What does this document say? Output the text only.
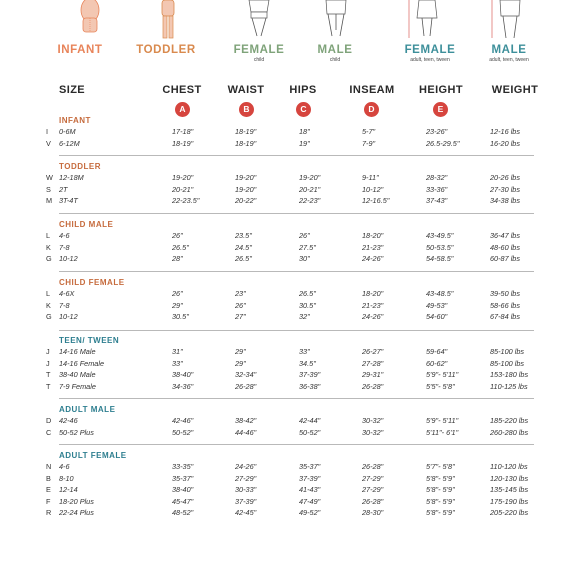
INFANT	TODDLER	FEMALE
child
MALE
child
FEMALE
adult, teen, tween
MALE
adult, teen, tween
SIZE	CHEST	WAIST	HIPS	INSEAM	HEIGHT	WEIGHT
A	B	C	D	E
INFANT
I 0-6M	17-18"	18-19"	18"	5-7"	23-26"	12-16 lbs
V 6-12M	18-19"	18-19"	19"	7-9"	26.5-29.5"	16-20 lbs
TODDLER
W 12-18M	19-20"	19-20"	19-20"	9-11"	28-32"	20-26 lbs
S 2T	20-21"	19-20"	20-21"	10-12"	33-36"	27-30 lbs
M 3T-4T	22-23.5"	20-22"	22-23"	12-16.5"	37-43"	34-38 lbs
CHILD MALE
L 4-6	26"	23.5"	26"	18-20"	43-49.5"	36-47 lbs
K 7-8	26.5"	24.5"	27.5"	21-23"	50-53.5"	48-60 lbs
G 10-12	28"	26.5"	30"	24-26"	54-58.5"	60-87 lbs
CHILD FEMALE
L 4-6X	26"	23"	26.5"	18-20"	43-48.5"	39-50 lbs
K 7-8	29"	26"	30.5"	21-23"	49-53"	58-66 lbs
G 10-12	30.5"	27"	32"	24-26"	54-60"	67-84 lbs
TEEN/ TWEEN
J 14-16 Male	31"	29"	33"	26-27"	59-64"	85-100 lbs
J 14-16 Female	33"	29"	34.5"	27-28"	60-62"	85-100 lbs
T 38-40 Male	38-40"	32-34"	37-39"	29-31"	5'9"- 5'11"	153-180 lbs
T 7-9 Female	34-36"	26-28"	36-38"	26-28"	5'5"- 5'8"	110-125 lbs
ADULT MALE
D 42-46	42-46"	38-42"	42-44"	30-32"	5'9"- 5'11"	185-220 lbs
C 50-52 Plus	50-52"	44-46"	50-52"	30-32"	5'11"- 6'1"	260-280 lbs
ADULT FEMALE
N 4-6	33-35"	24-26"	35-37"	26-28"	5'7"- 5'8"	110-120 lbs
B 8-10	35-37"	27-29"	37-39"	27-29"	5'8"- 5'9"	120-130 lbs
E 12-14	38-40"	30-33"	41-43"	27-29"	5'8"- 5'9"	135-145 lbs
F 18-20 Plus	45-47"	37-39"	47-49"	26-28"	5'8"- 5'9"	175-190 lbs
R 22-24 Plus	48-52"	42-45"	49-52"	28-30"	5'8"- 5'9"	205-220 lbs
